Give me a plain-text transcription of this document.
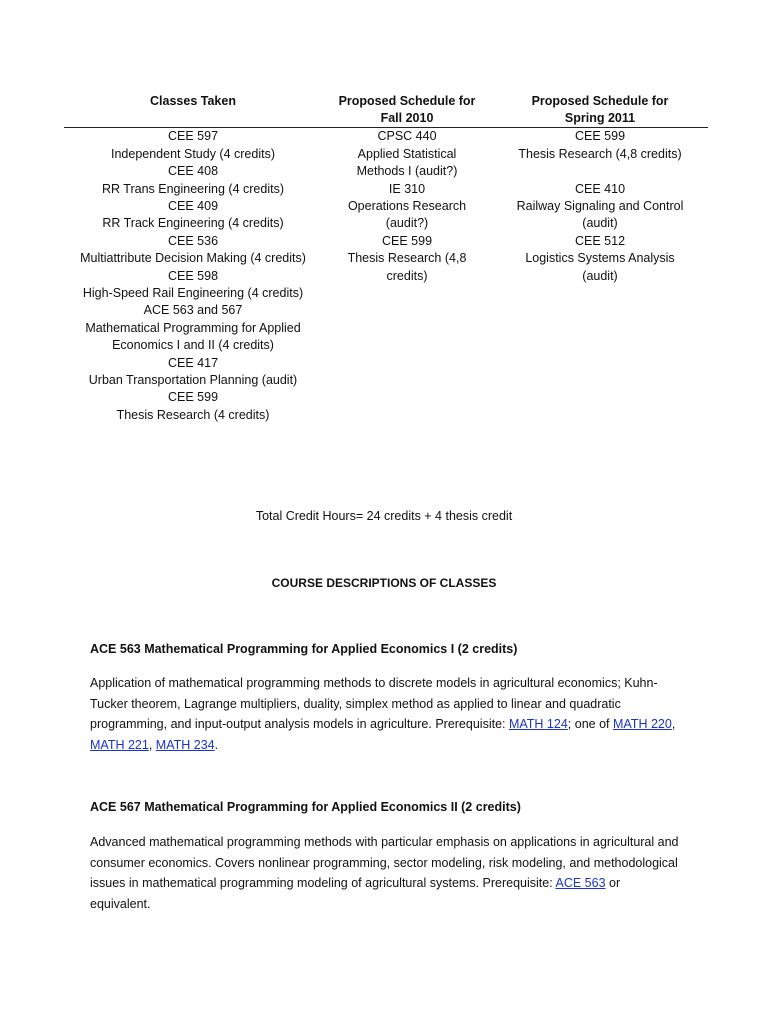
Classes Taken	Proposed Schedule for
Fall 2010
Proposed Schedule for
Spring 2011
CEE 597
Independent Study (4 credits)
CEE 408
RR Trans Engineering (4 credits)
CEE 409
RR Track Engineering (4 credits)
CEE 536
Multiattribute Decision Making (4 credits)
CEE 598
High-Speed Rail Engineering (4 credits)
ACE 563 and 567
Mathematical Programming for Applied
Economics I and II (4 credits)
CEE 417
Urban Transportation Planning (audit)
CEE 599
Thesis Research (4 credits)
CPSC 440
Applied Statistical
Methods I (audit?)
IE 310
Operations Research
(audit?)
CEE 599
Thesis Research (4,8
credits)
CEE 599
Thesis Research (4,8 credits)
CEE 410
Railway Signaling and Control
(audit)
CEE 512
Logistics Systems Analysis
(audit)
Total Credit Hours= 24 credits + 4 thesis credit
COURSE DESCRIPTIONS OF CLASSES
ACE 563 Mathematical Programming for Applied Economics I (2 credits)
Application of mathematical programming methods to discrete models in agricultural economics; Kuhn-Tucker theorem, Lagrange multipliers, duality, simplex method as applied to linear and quadratic programming, and input-output analysis models in agriculture. Prerequisite: MATH 124; one of MATH 220, MATH 221, MATH 234.
ACE 567 Mathematical Programming for Applied Economics II (2 credits)
Advanced mathematical programming methods with particular emphasis on applications in agricultural and consumer economics. Covers nonlinear programming, sector modeling, risk modeling, and methodological issues in mathematical programming modeling of agricultural systems. Prerequisite: ACE 563 or equivalent.
